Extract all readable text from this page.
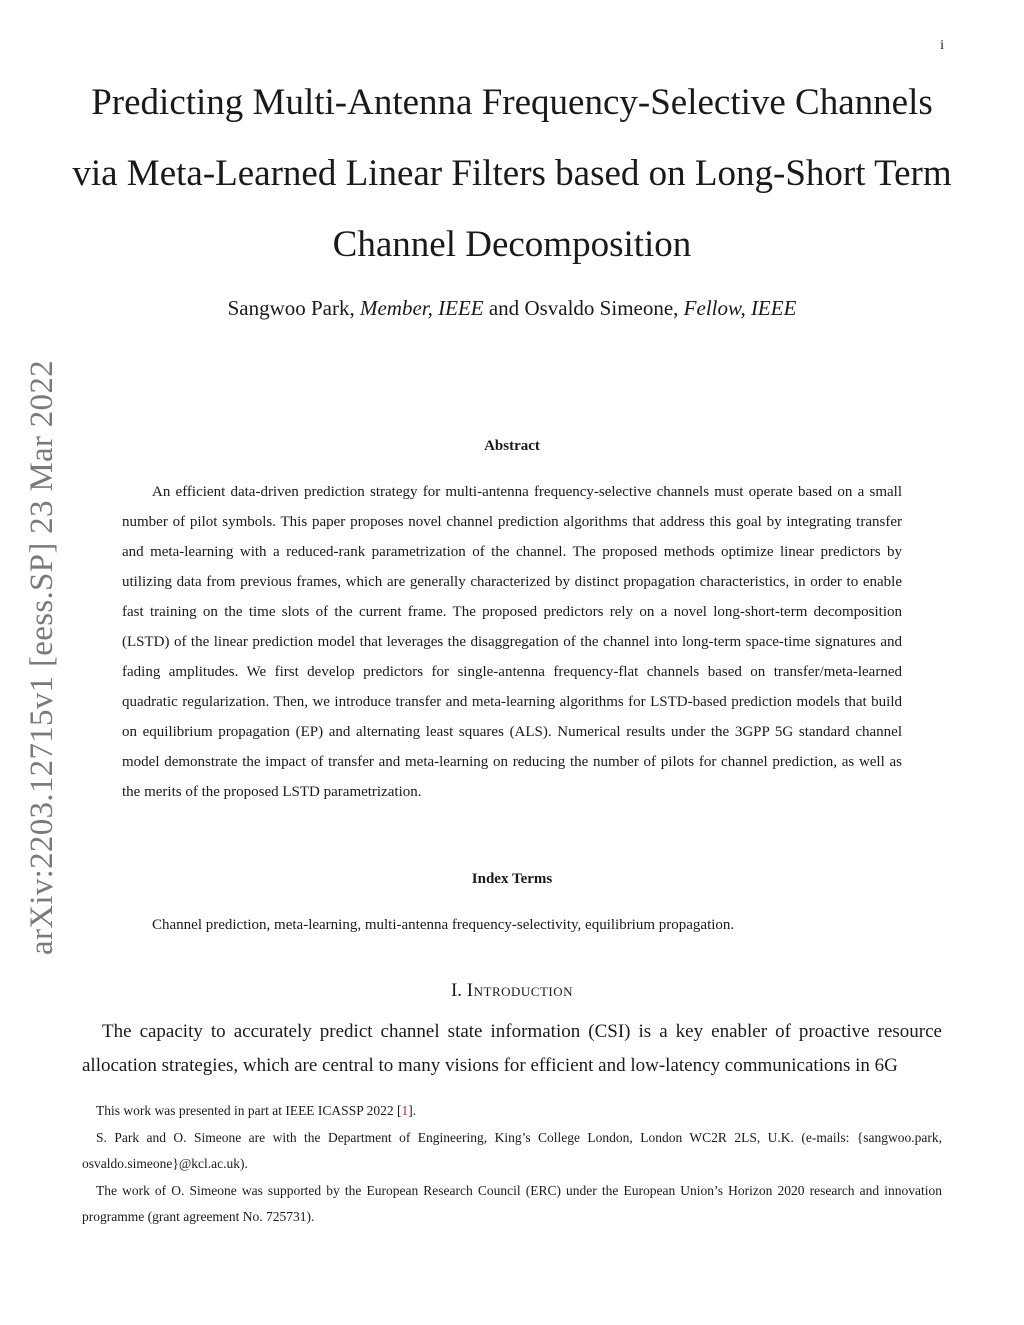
i
arXiv:2203.12715v1 [eess.SP] 23 Mar 2022
Predicting Multi-Antenna Frequency-Selective Channels via Meta-Learned Linear Filters based on Long-Short Term Channel Decomposition
Sangwoo Park, Member, IEEE and Osvaldo Simeone, Fellow, IEEE
Abstract

An efficient data-driven prediction strategy for multi-antenna frequency-selective channels must operate based on a small number of pilot symbols. This paper proposes novel channel prediction algorithms that address this goal by integrating transfer and meta-learning with a reduced-rank parametrization of the channel. The proposed methods optimize linear predictors by utilizing data from previous frames, which are generally characterized by distinct propagation characteristics, in order to enable fast training on the time slots of the current frame. The proposed predictors rely on a novel long-short-term decomposition (LSTD) of the linear prediction model that leverages the disaggregation of the channel into long-term space-time signatures and fading amplitudes. We first develop predictors for single-antenna frequency-flat channels based on transfer/meta-learned quadratic regularization. Then, we introduce transfer and meta-learning algorithms for LSTD-based prediction models that build on equilibrium propagation (EP) and alternating least squares (ALS). Numerical results under the 3GPP 5G standard channel model demonstrate the impact of transfer and meta-learning on reducing the number of pilots for channel prediction, as well as the merits of the proposed LSTD parametrization.

Index Terms

Channel prediction, meta-learning, multi-antenna frequency-selectivity, equilibrium propagation.

I. Introduction

The capacity to accurately predict channel state information (CSI) is a key enabler of proactive resource allocation strategies, which are central to many visions for efficient and low-latency communications in 6G

This work was presented in part at IEEE ICASSP 2022 [1].

S. Park and O. Simeone are with the Department of Engineering, King’s College London, London WC2R 2LS, U.K. (e-mails: {sangwoo.park, osvaldo.simeone}@kcl.ac.uk).

The work of O. Simeone was supported by the European Research Council (ERC) under the European Union’s Horizon 2020 research and innovation programme (grant agreement No. 725731).
